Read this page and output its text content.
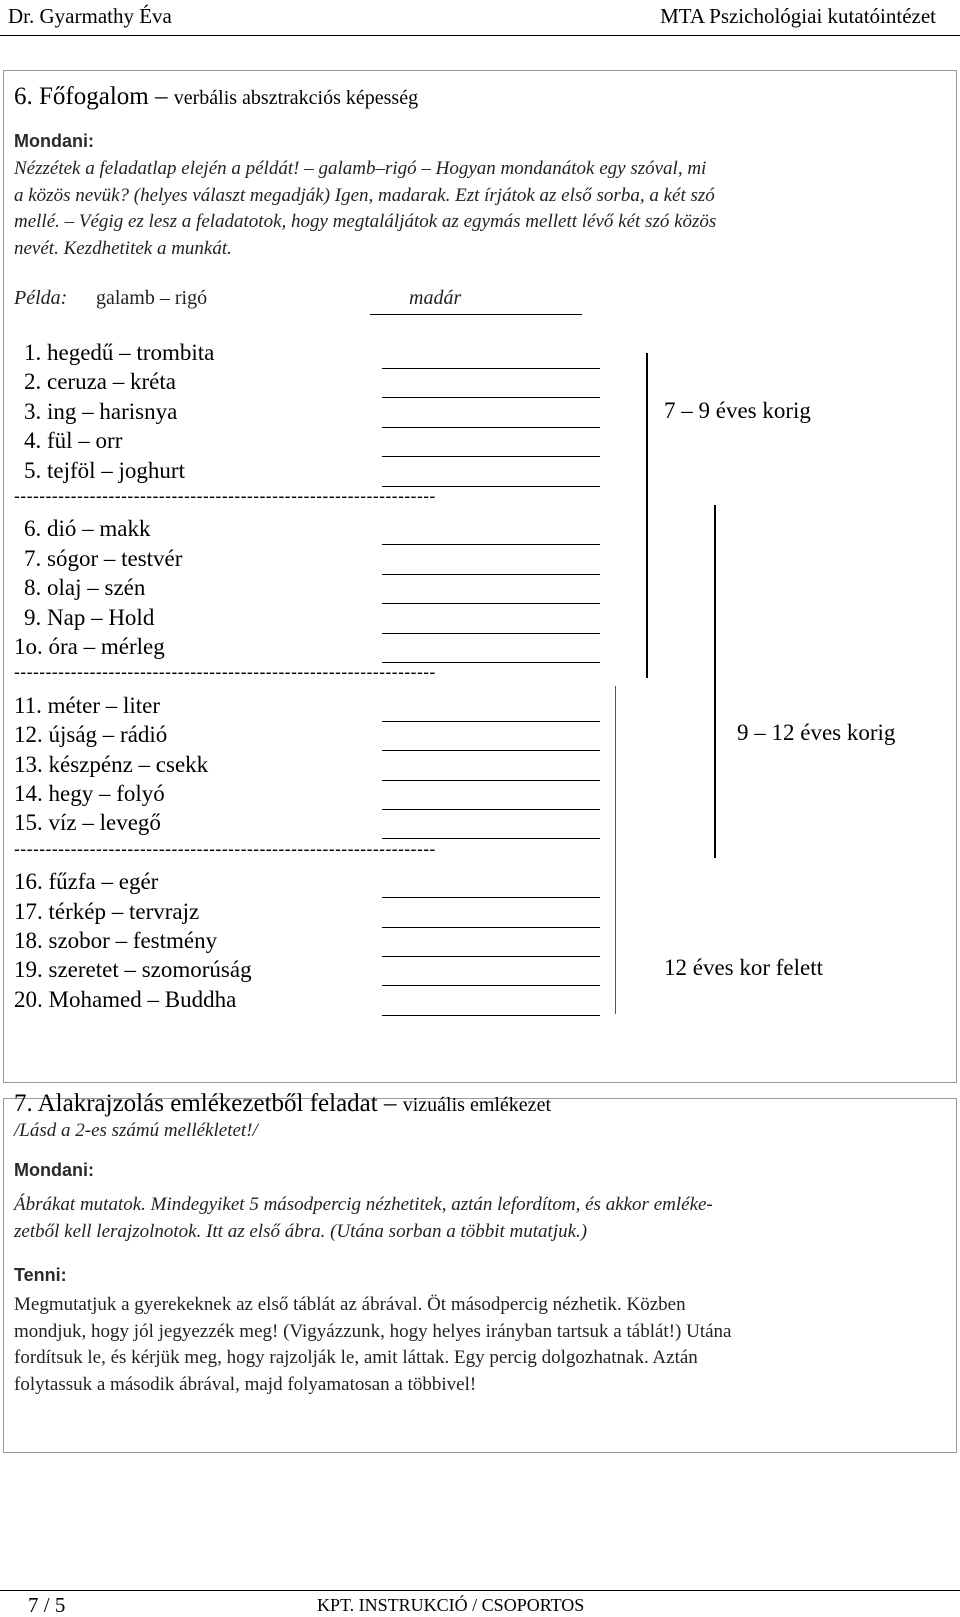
Dr. Gyarmathy Éva	MTA Pszichológiai kutatóintézet
6. Főfogalom – verbális absztrakciós képesség
Mondani:
Nézzétek a feladatlap elején a példát! – galamb–rigó – Hogyan mondanátok egy szóval, mi
a közös nevük? (helyes választ megadják) Igen, madarak. Ezt írjátok az első sorba, a két szó
mellé. – Végig ez lesz a feladatotok, hogy megtaláljátok az egymás mellett lévő két szó közös
nevét. Kezdhetitek a munkát.
Példa: galamb – rigó	madár
1. hegedű – trombita
2. ceruza – kréta
3. ing – harisnya
4. fül – orr
5. tejföl – joghurt
-------------------------------------------------------------------
6. dió – makk
7. sógor – testvér
8. olaj – szén
9. Nap – Hold
1o. óra – mérleg
-------------------------------------------------------------------
11. méter – liter
12. újság – rádió
13. készpénz – csekk
14. hegy – folyó
15. víz – levegő
-------------------------------------------------------------------
16. fűzfa – egér
17. térkép – tervrajz
18. szobor – festmény
19. szeretet – szomorúság
20. Mohamed – Buddha
7 – 9 éves korig
9 – 12 éves korig
12 éves kor felett
7. Alakrajzolás emlékezetből feladat – vizuális emlékezet
/Lásd a 2-es számú mellékletet!/
Mondani:
Ábrákat mutatok. Mindegyiket 5 másodpercig nézhetitek, aztán lefordítom, és akkor emléke-
zetből kell lerajzolnotok. Itt az első ábra. (Utána sorban a többit mutatjuk.)
Tenni:
Megmutatjuk a gyerekeknek az első táblát az ábrával. Öt másodpercig nézhetik. Közben
mondjuk, hogy jól jegyezzék meg! (Vigyázzunk, hogy helyes irányban tartsuk a táblát!) Utána
fordítsuk le, és kérjük meg, hogy rajzolják le, amit láttak. Egy percig dolgozhatnak. Aztán
folytassuk a második ábrával, majd folyamatosan a többivel!
7 / 5	KPT. INSTRUKCIÓ / CSOPORTOS
